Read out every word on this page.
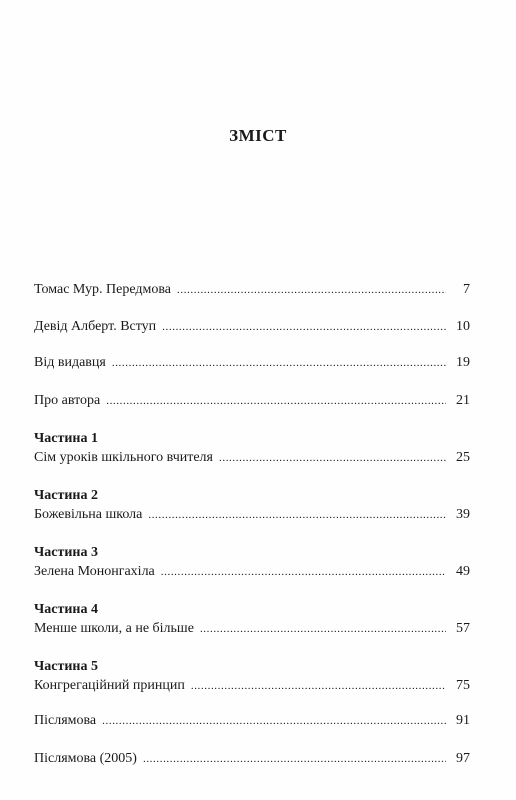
ЗМІСТ
Томас Мур. Передмова .....	7
Девід Алберт. Вступ .....	10
Від видавця .....	19
Про автора .....	21
Частина 1
Сім уроків шкільного вчителя .....	25
Частина 2
Божевільна школа .....	39
Частина 3
Зелена Мононгахіла .....	49
Частина 4
Менше школи, а не більше .....	57
Частина 5
Конгрегаційний принцип .....	75
Післямова .....	91
Післямова (2005) .....	97
